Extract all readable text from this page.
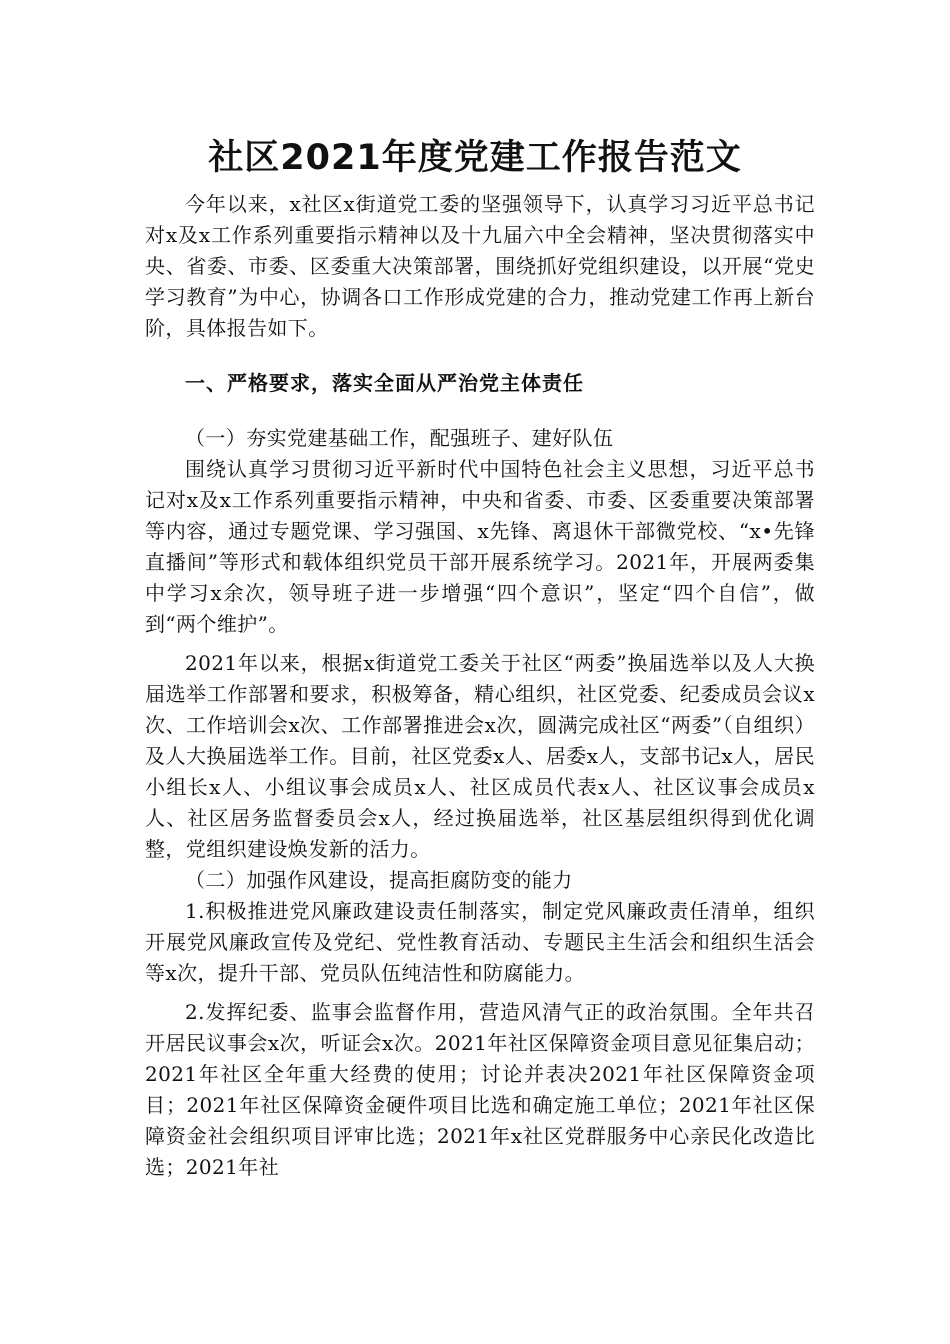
社区2021年度党建工作报告范文

今年以来，x社区x街道党工委的坚强领导下，认真学习习近平总书记对x及x工作系列重要指示精神以及十九届六中全会精神，坚决贯彻落实中央、省委、市委、区委重大决策部署，围绕抓好党组织建设，以开展“党史学习教育”为中心，协调各口工作形成党建的合力，推动党建工作再上新台阶，具体报告如下。

一、严格要求，落实全面从严治党主体责任

（一）夯实党建基础工作，配强班子、建好队伍

围绕认真学习贯彻习近平新时代中国特色社会主义思想，习近平总书记对x及x工作系列重要指示精神，中央和省委、市委、区委重要决策部署等内容，通过专题党课、学习强国、x先锋、离退休干部微党校、“x•先锋直播间”等形式和载体组织党员干部开展系统学习。2021年，开展两委集中学习x余次，领导班子进一步增强“四个意识”，坚定“四个自信”，做到“两个维护”。

2021年以来，根据x街道党工委关于社区“两委”换届选举以及人大换届选举工作部署和要求，积极筹备，精心组织，社区党委、纪委成员会议x次、工作培训会x次、工作部署推进会x次，圆满完成社区“两委”（自组织）及人大换届选举工作。目前，社区党委x人、居委x人，支部书记x人，居民小组长x人、小组议事会成员x人、社区成员代表x人、社区议事会成员x人、社区居务监督委员会x人，经过换届选举，社区基层组织得到优化调整，党组织建设焕发新的活力。

（二）加强作风建设，提高拒腐防变的能力

1.积极推进党风廉政建设责任制落实，制定党风廉政责任清单，组织开展党风廉政宣传及党纪、党性教育活动、专题民主生活会和组织生活会等x次，提升干部、党员队伍纯洁性和防腐能力。

2.发挥纪委、监事会监督作用，营造风清气正的政治氛围。全年共召开居民议事会x次，听证会x次。2021年社区保障资金项目意见征集启动；2021年社区全年重大经费的使用；讨论并表决2021年社区保障资金项目；2021年社区保障资金硬件项目比选和确定施工单位；2021年社区保障资金社会组织项目评审比选；2021年x社区党群服务中心亲民化改造比选；2021年社
